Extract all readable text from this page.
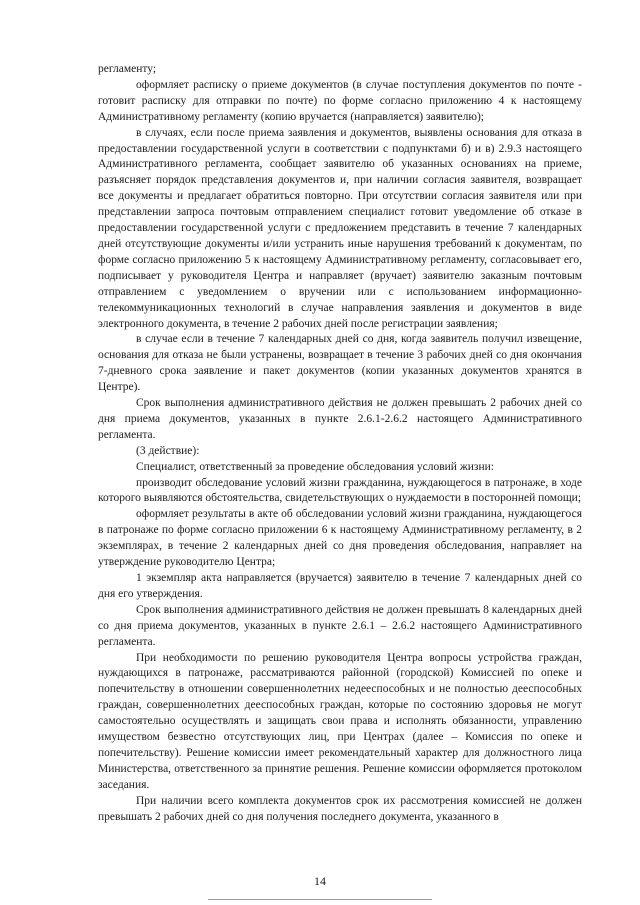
регламенту;

оформляет расписку о приеме документов (в случае поступления документов по почте - готовит расписку для отправки по почте) по форме согласно приложению 4 к настоящему Административному регламенту (копию вручается (направляется) заявителю);

в случаях, если после приема заявления и документов, выявлены основания для отказа в предоставлении государственной услуги в соответствии с подпунктами б) и в) 2.9.3 настоящего Административного регламента, сообщает заявителю об указанных основаниях на приеме, разъясняет порядок представления документов и, при наличии согласия заявителя, возвращает все документы и предлагает обратиться повторно. При отсутствии согласия заявителя или при представлении запроса почтовым отправлением специалист готовит уведомление об отказе в предоставлении государственной услуги с предложением представить в течение 7 календарных дней отсутствующие документы и/или устранить иные нарушения требований к документам, по форме согласно приложению 5 к настоящему Административному регламенту, согласовывает его, подписывает у руководителя Центра и направляет (вручает) заявителю заказным почтовым отправлением с уведомлением о вручении или с использованием информационно-телекоммуникационных технологий в случае направления заявления и документов в виде электронного документа, в течение 2 рабочих дней после регистрации заявления;

в случае если в течение 7 календарных дней со дня, когда заявитель получил извещение, основания для отказа не были устранены, возвращает в течение 3 рабочих дней со дня окончания 7-дневного срока заявление и пакет документов (копии указанных документов хранятся в Центре).

Срок выполнения административного действия не должен превышать 2 рабочих дней со дня приема документов, указанных в пункте 2.6.1-2.6.2 настоящего Административного регламента.

(3 действие):

Специалист, ответственный за проведение обследования условий жизни:

производит обследование условий жизни гражданина, нуждающегося в патронаже, в ходе которого выявляются обстоятельства, свидетельствующих о нуждаемости в посторонней помощи;

оформляет результаты в акте об обследовании условий жизни гражданина, нуждающегося в патронаже по форме согласно приложении 6 к настоящему Административному регламенту, в 2 экземплярах, в течение 2 календарных дней со дня проведения обследования, направляет на утверждение руководителю Центра;

1 экземпляр акта направляется (вручается) заявителю в течение 7 календарных дней со дня его утверждения.

Срок выполнения административного действия не должен превышать 8 календарных дней со дня приема документов, указанных в пункте 2.6.1 – 2.6.2 настоящего Административного регламента.

При необходимости по решению руководителя Центра вопросы устройства граждан, нуждающихся в патронаже, рассматриваются районной (городской) Комиссией по опеке и попечительству в отношении совершеннолетних недееспособных и не полностью дееспособных граждан, совершеннолетних дееспособных граждан, которые по состоянию здоровья не могут самостоятельно осуществлять и защищать свои права и исполнять обязанности, управлению имуществом безвестно отсутствующих лиц, при Центрах (далее – Комиссия по опеке и попечительству). Решение комиссии имеет рекомендательный характер для должностного лица Министерства, ответственного за принятие решения. Решение комиссии оформляется протоколом заседания.

При наличии всего комплекта документов срок их рассмотрения комиссией не должен превышать 2 рабочих дней со дня получения последнего документа, указанного в

14
